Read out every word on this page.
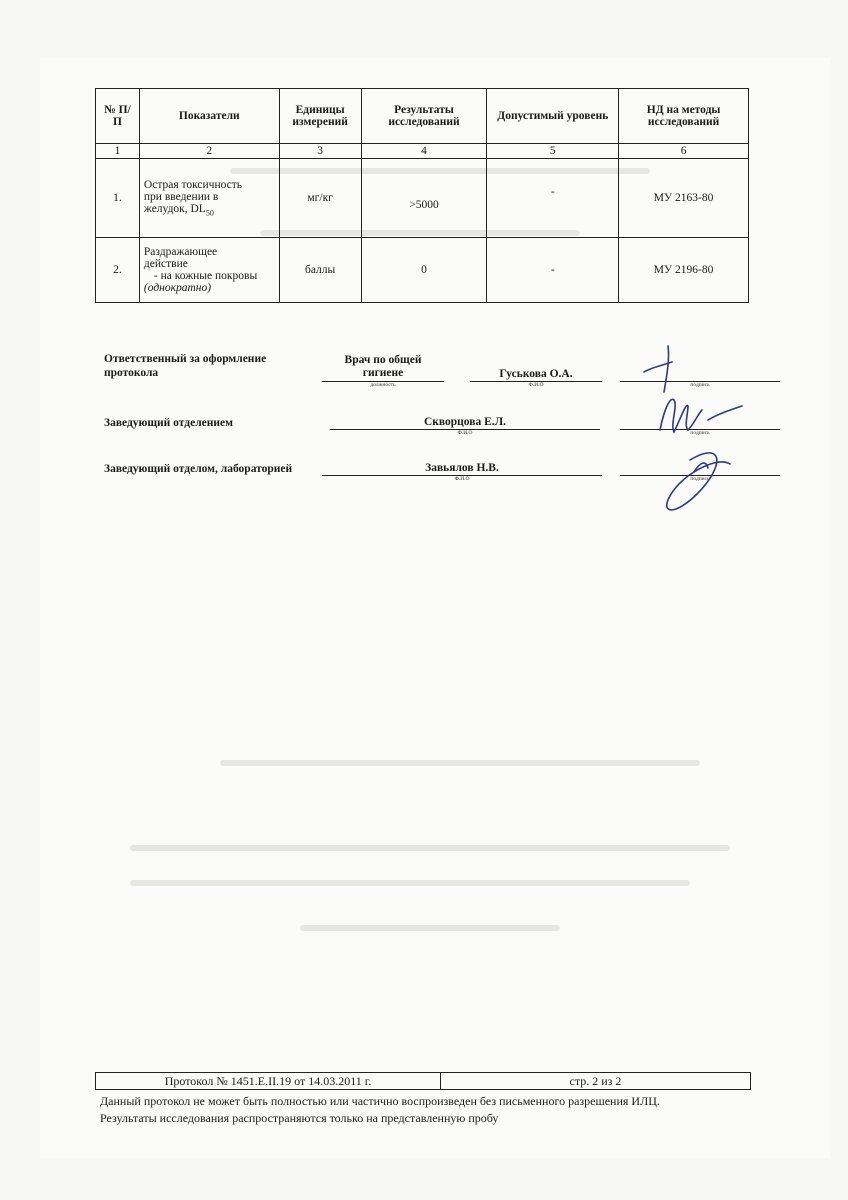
№ П/П	Показатели	Единицы измерений	Результаты исследований	Допустимый уровень	НД на методы исследований
1	2	3	4	5	6
1.	Острая токсичность
при введении в
желудок, $DL_{50}$	мг/кг	>5000	-	МУ 2163-80
2.	Раздражающее
действие
- на кожные покровы
(однократно)	баллы	0	-	МУ 2196-80
Ответственный за оформление
протокола
Врач по общей
гигиене
должность
Гуськова О.А.
Ф.И.О	подпись
Заведующий отделением	Скворцова Е.Л.
Ф.И.О	подпись
Заведующий отделом, лабораторией	Завьялов Н.В.
Ф.И.О	подпись
Протокол № 1451.Е.II.19 от 14.03.2011 г.	стр. 2 из 2
Данный протокол не может быть полностью или частично воспроизведен без письменного разрешения ИЛЦ.
Результаты исследования распространяются только на представленную пробу
